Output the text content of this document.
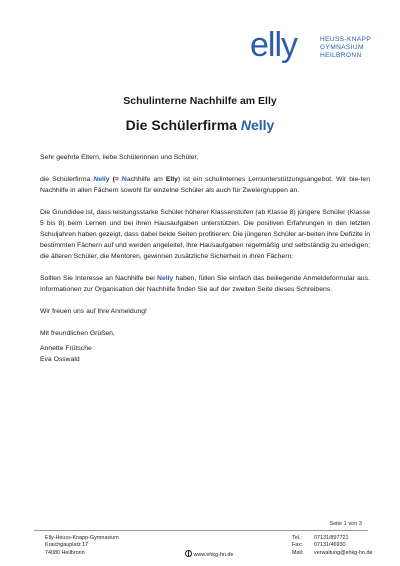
elly	HEUSS-KNAPP
GYMNASIUM
HEILBRONN
Schulinterne Nachhilfe am Elly
Die Schülerfirma Nelly

Sehr geehrte Eltern, liebe Schülerinnen und Schüler,

die Schülerfirma Nelly (= Nachhilfe am Elly) ist ein schulinternes Lernunterstützungsangebot. Wir bie-ten Nachhilfe in allen Fächern sowohl für einzelne Schüler als auch für Zweiergruppen an.

Die Grundidee ist, dass leistungsstarke Schüler höherer Klassenstufen (ab Klasse 8) jüngere Schüler (Klasse 5 bis 8) beim Lernen und bei ihren Hausaufgaben unterstützen. Die positiven Erfahrungen in den letzten Schuljahren haben gezeigt, dass dabei beide Seiten profitieren: Die jüngeren Schüler ar-beiten ihre Defizite in bestimmten Fächern auf und werden angeleitet, ihre Hausaufgaben regelmäßig und selbständig zu erledigen; die älteren Schüler, die Mentoren, gewinnen zusätzliche Sicherheit in ihren Fächern.

Sollten Sie Interesse an Nachhilfe bei Nelly haben, füllen Sie einfach das beiliegende Anmeldeformular aus. Informationen zur Organisation der Nachhilfe finden Sie auf der zweiten Seite dieses Schreibens.

Wir freuen uns auf Ihre Anmeldung!

Mit freundlichen Grüßen,

Annette Frütsche

Eva Osswald

Seite 1 von 3
Elly-Heuss-Knapp-Gymnasium
Kraichgauplatz 17
74080 Heilbronn	www.ehkg-hn.de
Tel.: 07131/897721
Fax: 07131/46930
Mail: verwaltung@ehkg-hn.de
